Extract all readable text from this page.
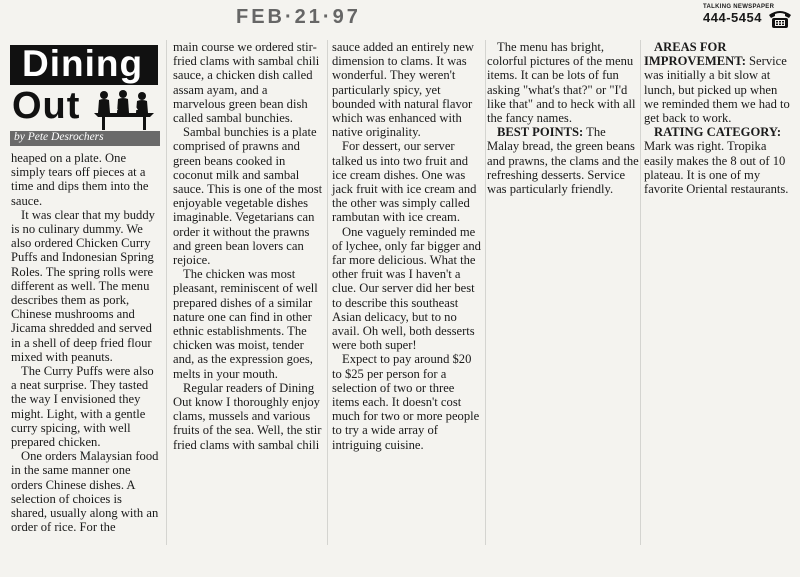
FEB·21·97	TALKING NEWSPAPER
444-5454
Dining
Out
by Pete Desrochers

heaped on a plate. One simply tears off pieces at a time and dips them into the sauce.

It was clear that my buddy is no culinary dummy. We also ordered Chicken Curry Puffs and Indonesian Spring Roles. The spring rolls were different as well. The menu describes them as pork, Chinese mushrooms and Jicama shredded and served in a shell of deep fried flour mixed with peanuts.

The Curry Puffs were also a neat surprise. They tasted the way I envisioned they might. Light, with a gentle curry spicing, with well prepared chicken.

One orders Malaysian food in the same manner one orders Chinese dishes. A selection of choices is shared, usually along with an order of rice. For the

main course we ordered stir-fried clams with sambal chili sauce, a chicken dish called assam ayam, and a marvelous green bean dish called sambal bunchies.

Sambal bunchies is a plate comprised of prawns and green beans cooked in coconut milk and sambal sauce. This is one of the most enjoyable vegetable dishes imaginable. Vegetarians can order it without the prawns and green bean lovers can rejoice.

The chicken was most pleasant, reminiscent of well prepared dishes of a similar nature one can find in other ethnic establishments. The chicken was moist, tender and, as the expression goes, melts in your mouth.

Regular readers of Dining Out know I thoroughly enjoy clams, mussels and various fruits of the sea. Well, the stir fried clams with sambal chili

sauce added an entirely new dimension to clams. It was wonderful. They weren't particularly spicy, yet bounded with natural flavor which was enhanced with native originality.

For dessert, our server talked us into two fruit and ice cream dishes. One was jack fruit with ice cream and the other was simply called rambutan with ice cream.

One vaguely reminded me of lychee, only far bigger and far more delicious. What the other fruit was I haven't a clue. Our server did her best to describe this southeast Asian delicacy, but to no avail. Oh well, both desserts were both super!

Expect to pay around $20 to $25 per person for a selection of two or three items each. It doesn't cost much for two or more people to try a wide array of intriguing cuisine.

The menu has bright, colorful pictures of the menu items. It can be lots of fun asking "what's that?" or "I'd like that" and to heck with all the fancy names.

BEST POINTS: The Malay bread, the green beans and prawns, the clams and the refreshing desserts. Service was particularly friendly.

AREAS FOR IMPROVEMENT: Service was initially a bit slow at lunch, but picked up when we reminded them we had to get back to work.

RATING CATEGORY: Mark was right. Tropika easily makes the 8 out of 10 plateau. It is one of my favorite Oriental restaurants.
